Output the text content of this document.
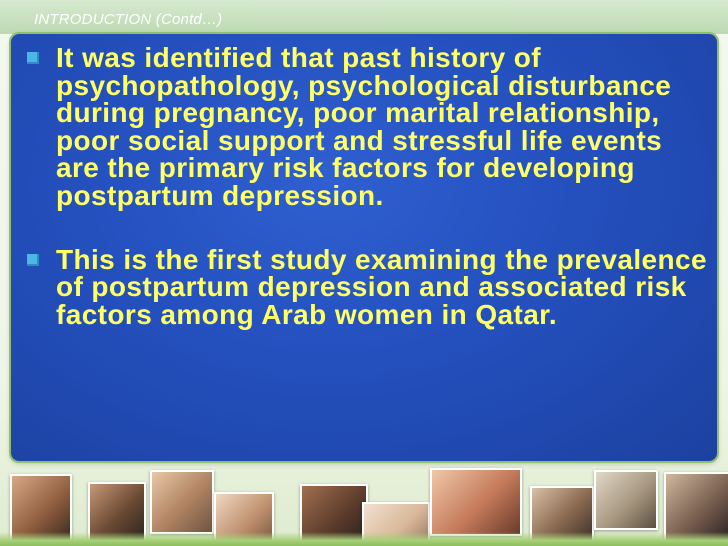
INTRODUCTION (Contd…)
It was identified that past history of psychopathology, psychological disturbance during pregnancy, poor marital relationship, poor social support and stressful life events are the primary risk factors for developing postpartum depression.
This is the first study examining the prevalence of postpartum depression and associated risk factors among Arab women in Qatar.
